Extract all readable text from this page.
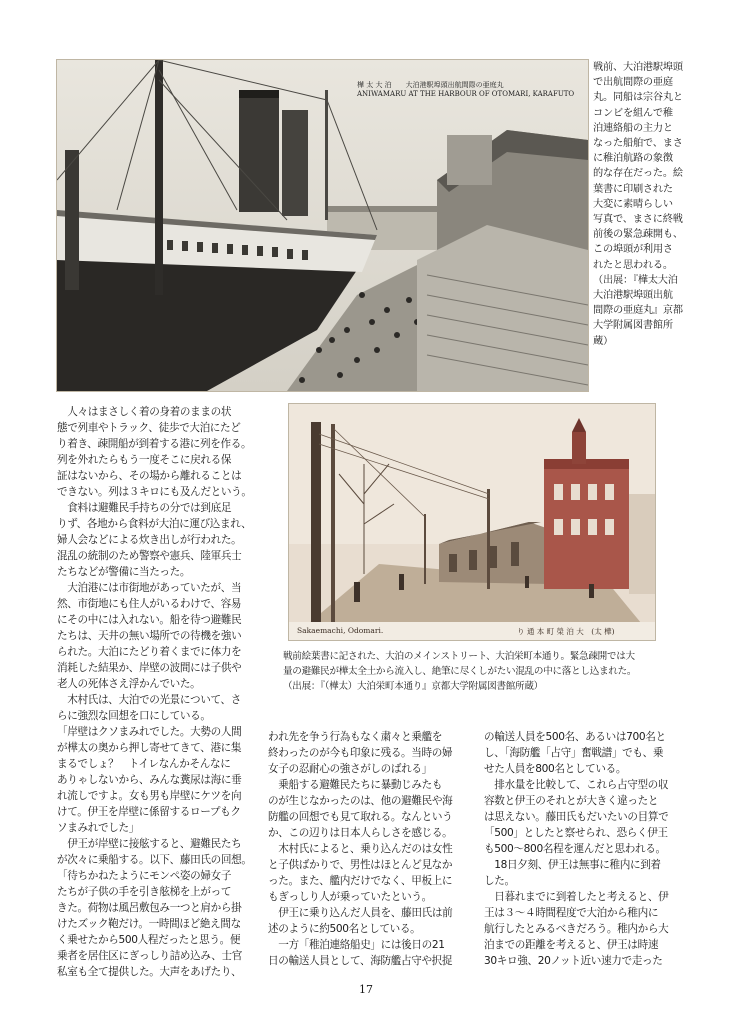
樺 太 大 泊　　大泊港駅埠頭出航間際の亜庭丸
ANIWAMARU AT THE HARBOUR OF OTOMARI, KARAFUTO
戦前、大泊港駅埠頭
で出航間際の亜庭
丸。同船は宗谷丸と
コンビを組んで稚
泊連絡船の主力と
なった船舶で、まさ
に稚泊航路の象徴
的な存在だった。絵
葉書に印刷された
大変に素晴らしい
写真で、まさに終戦
前後の緊急疎開も、
この埠頭が利用さ
れたと思われる。
（出展：『樺太大泊
大泊港駅埠頭出航
間際の亜庭丸』京都
大学附属図書館所
蔵）
Sakaemachi, Odomari.	り 通 本 町 榮 泊 大　(太 樺)
戦前絵葉書に記された、大泊のメインストリート、大泊栄町本通り。緊急疎開では大
量の避難民が樺太全土から流入し、絶筆に尽くしがたい混乱の中に落とし込まれた。
（出展：『（樺太）大泊栄町本通り』京都大学附属図書館所蔵）
　人々はまさしく着の身着のままの状
態で列車やトラック、徒歩で大泊にたど
り着き、疎開船が到着する港に列を作る。
列を外れたらもう一度そこに戻れる保
証はないから、その場から離れることは
できない。列は３キロにも及んだという。
　食料は避難民手持ちの分では到底足
りず、各地から食料が大泊に運び込まれ、
婦人会などによる炊き出しが行われた。
混乱の統制のため警察や憲兵、陸軍兵士
たちなどが警備に当たった。
　大泊港には市街地があっていたが、当
然、市街地にも住人がいるわけで、容易
にその中には入れない。船を待つ避難民
たちは、天井の無い場所での待機を強い
られた。大泊にたどり着くまでに体力を
消耗した結果か、岸壁の波間には子供や
老人の死体さえ浮かんでいた。
　木村氏は、大泊での光景について、さ
らに強烈な回想を口にしている。
「岸壁はクソまみれでした。大勢の人間
が樺太の奥から押し寄せてきて、港に集
まるでしょ？　トイレなんかそんなに
ありゃしないから、みんな糞尿は海に垂
れ流しですよ。女も男も岸壁にケツを向
けて。伊王を岸壁に係留するロープもク
ソまみれでした」
　伊王が岸壁に接舷すると、避難民たち
が次々に乗船する。以下、藤田氏の回想。
「待ちかねたようにモンペ姿の婦女子
たちが子供の手を引き舷梯を上がって
きた。荷物は風呂敷包み一つと肩から掛
けたズック鞄だけ。一時間ほど絶え間な
く乗せたから500人程だったと思う。便
乗者を居住区にぎっしり詰め込み、士官
私室も全て提供した。大声をあげたり、
われ先を争う行為もなく粛々と乗艦を
終わったのが今も印象に残る。当時の婦
女子の忍耐心の強さがしのばれる」
　乗船する避難民たちに暴動じみたも
のが生じなかったのは、他の避難民や海
防艦の回想でも見て取れる。なんという
か、この辺りは日本人らしさを感じる。
　木村氏によると、乗り込んだのは女性
と子供ばかりで、男性はほとんど見なか
った。また、艦内だけでなく、甲板上に
もぎっしり人が乗っていたという。
　伊王に乗り込んだ人員を、藤田氏は前
述のように約500名としている。
　一方「稚泊連絡船史」には後日の21
日の輸送人員として、海防艦占守や択捉
の輸送人員を500名、あるいは700名と
し、「海防艦「占守」奮戦譜」でも、乗
せた人員を800名としている。
　排水量を比較して、これら占守型の収
容数と伊王のそれとが大きく違ったと
は思えない。藤田氏もだいたいの目算で
「500」としたと察せられ、恐らく伊王
も500〜800名程を運んだと思われる。
　18日夕刻、伊王は無事に稚内に到着
した。
　日暮れまでに到着したと考えると、伊
王は３〜４時間程度で大泊から稚内に
航行したとみるべきだろう。稚内から大
泊までの距離を考えると、伊王は時速
30キロ強、20ノット近い速力で走った
17
